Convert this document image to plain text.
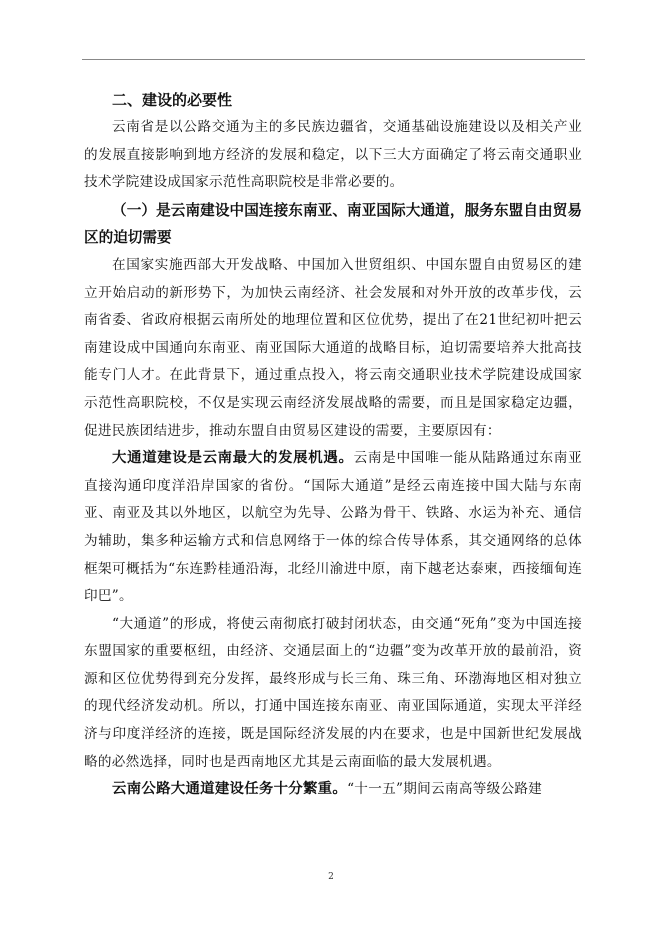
二、建设的必要性

云南省是以公路交通为主的多民族边疆省，交通基础设施建设以及相关产业的发展直接影响到地方经济的发展和稳定，以下三大方面确定了将云南交通职业技术学院建设成国家示范性高职院校是非常必要的。

（一）是云南建设中国连接东南亚、南亚国际大通道，服务东盟自由贸易区的迫切需要

在国家实施西部大开发战略、中国加入世贸组织、中国东盟自由贸易区的建立开始启动的新形势下，为加快云南经济、社会发展和对外开放的改革步伐，云南省委、省政府根据云南所处的地理位置和区位优势，提出了在21世纪初叶把云南建设成中国通向东南亚、南亚国际大通道的战略目标，迫切需要培养大批高技能专门人才。在此背景下，通过重点投入，将云南交通职业技术学院建设成国家示范性高职院校，不仅是实现云南经济发展战略的需要，而且是国家稳定边疆，促进民族团结进步，推动东盟自由贸易区建设的需要，主要原因有：

大通道建设是云南最大的发展机遇。云南是中国唯一能从陆路通过东南亚直接沟通印度洋沿岸国家的省份。“国际大通道”是经云南连接中国大陆与东南亚、南亚及其以外地区，以航空为先导、公路为骨干、铁路、水运为补充、通信为辅助，集多种运输方式和信息网络于一体的综合传导体系，其交通网络的总体框架可概括为“东连黔桂通沿海，北经川渝进中原，南下越老达泰柬，西接缅甸连印巴”。

“大通道”的形成，将使云南彻底打破封闭状态，由交通“死角”变为中国连接东盟国家的重要枢纽，由经济、交通层面上的“边疆”变为改革开放的最前沿，资源和区位优势得到充分发挥，最终形成与长三角、珠三角、环渤海地区相对独立的现代经济发动机。所以，打通中国连接东南亚、南亚国际通道，实现太平洋经济与印度洋经济的连接，既是国际经济发展的内在要求，也是中国新世纪发展战略的必然选择，同时也是西南地区尤其是云南面临的最大发展机遇。

云南公路大通道建设任务十分繁重。“十一五”期间云南高等级公路建

2
